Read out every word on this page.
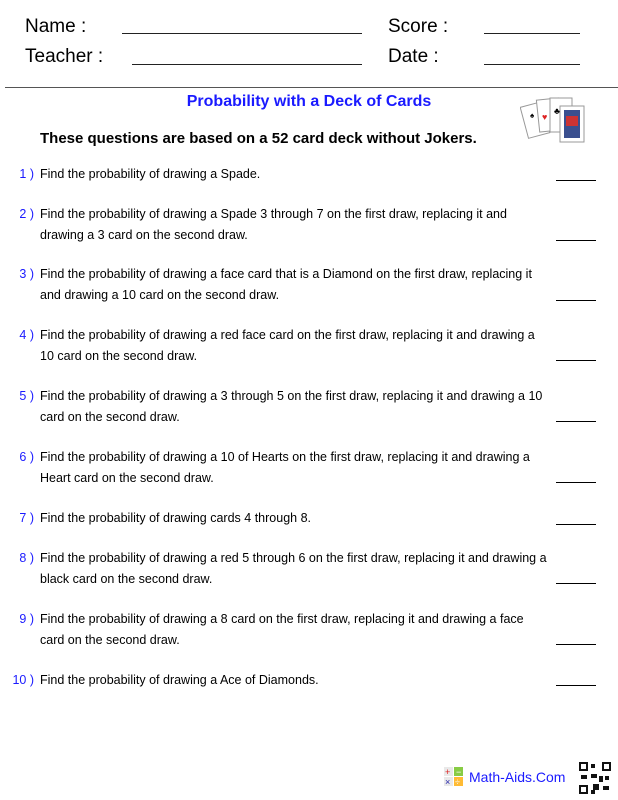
Name :
Teacher :
Score :
Date :
Probability with a Deck of Cards
These questions are based on a 52 card deck without Jokers.
♥
♣
♠
1 ) Find the probability of drawing a Spade.
2 ) Find the probability of drawing a Spade 3 through 7 on the first draw, replacing it and drawing a 3 card on the second draw.
3 ) Find the probability of drawing a face card that is a Diamond on the first draw, replacing it and drawing a 10 card on the second draw.
4 ) Find the probability of drawing a red face card on the first draw, replacing it and drawing a 10 card on the second draw.
5 ) Find the probability of drawing a 3 through 5 on the first draw, replacing it and drawing a 10 card on the second draw.
6 ) Find the probability of drawing a 10 of Hearts on the first draw, replacing it and drawing a Heart card on the second draw.
7 ) Find the probability of drawing cards 4 through 8.
8 ) Find the probability of drawing a red 5 through 6 on the first draw, replacing it and drawing a black card on the second draw.
9 ) Find the probability of drawing a 8 card on the first draw, replacing it and drawing a face card on the second draw.
10 ) Find the probability of drawing a Ace of Diamonds.
+ −
× ÷ Math-Aids.Com
